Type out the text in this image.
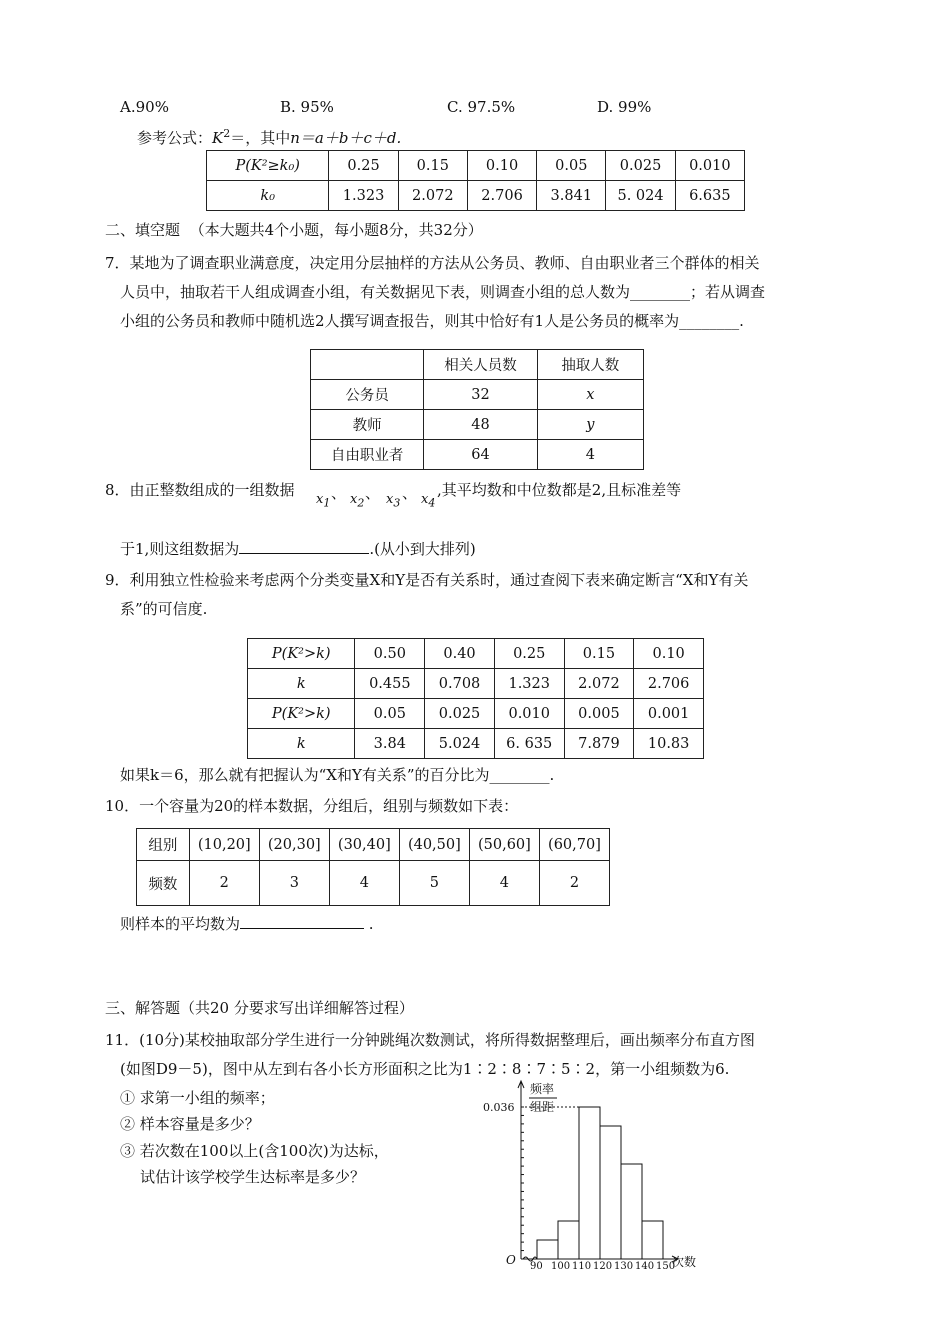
A.90%	B. 95%	C. 97.5%	D. 99%
参考公式：$K^2=$，其中n＝a＋b＋c＋d.
P(K²≥k₀)	0.25	0.15	0.10	0.05	0.025	0.010
k₀	1.323	2.072	2.706	3.841	5. 024	6.635
二、填空题 （本大题共4个小题，每小题8分，共32分）
7．某地为了调查职业满意度，决定用分层抽样的方法从公务员、教师、自由职业者三个群体的相关
人员中，抽取若干人组成调查小组，有关数据见下表，则调查小组的总人数为________；若从调查
小组的公务员和教师中随机选2人撰写调查报告，则其中恰好有1人是公务员的概率为________.
	相关人员数	抽取人数
公务员	32	x
教师	48	y
自由职业者	64	4
8．由正整数组成的一组数据
$x_1$
、 $x_2$
、 $x_3$
、 $x_4$
,其平均数和中位数都是2,且标准差等
于1,则这组数据为	.(从小到大排列)
9．利用独立性检验来考虑两个分类变量X和Y是否有关系时，通过查阅下表来确定断言“X和Y有关
系”的可信度.
P(K²>k)	0.50	0.40	0.25	0.15	0.10
k	0.455	0.708	1.323	2.072	2.706
P(K²>k)	0.05	0.025	0.010	0.005	0.001
k	3.84	5.024	6. 635	7.879	10.83
如果k＝6，那么就有把握认为“X和Y有关系”的百分比为________.
10．一个容量为20的样本数据，分组后，组别与频数如下表：
组别	(10,20]	(20,30]	(30,40]	(40,50]	(50,60]	(60,70]
频数	2	3	4	5	4	2
则样本的平均数为	.
三、解答题（共20 分要求写出详细解答过程）
11．(10分)某校抽取部分学生进行一分钟跳绳次数测试，将所得数据整理后，画出频率分布直方图
(如图D9－5)，图中从左到右各小长方形面积之比为1∶2∶8∶7∶5∶2，第一小组频数为6.
① 求第一小组的频率；
② 样本容量是多少？
③ 若次数在100以上(含100次)为达标，
试估计该学校学生达标率是多少？
频率
组距
0.036
O	次数
90 100 110 120 130 140 150
